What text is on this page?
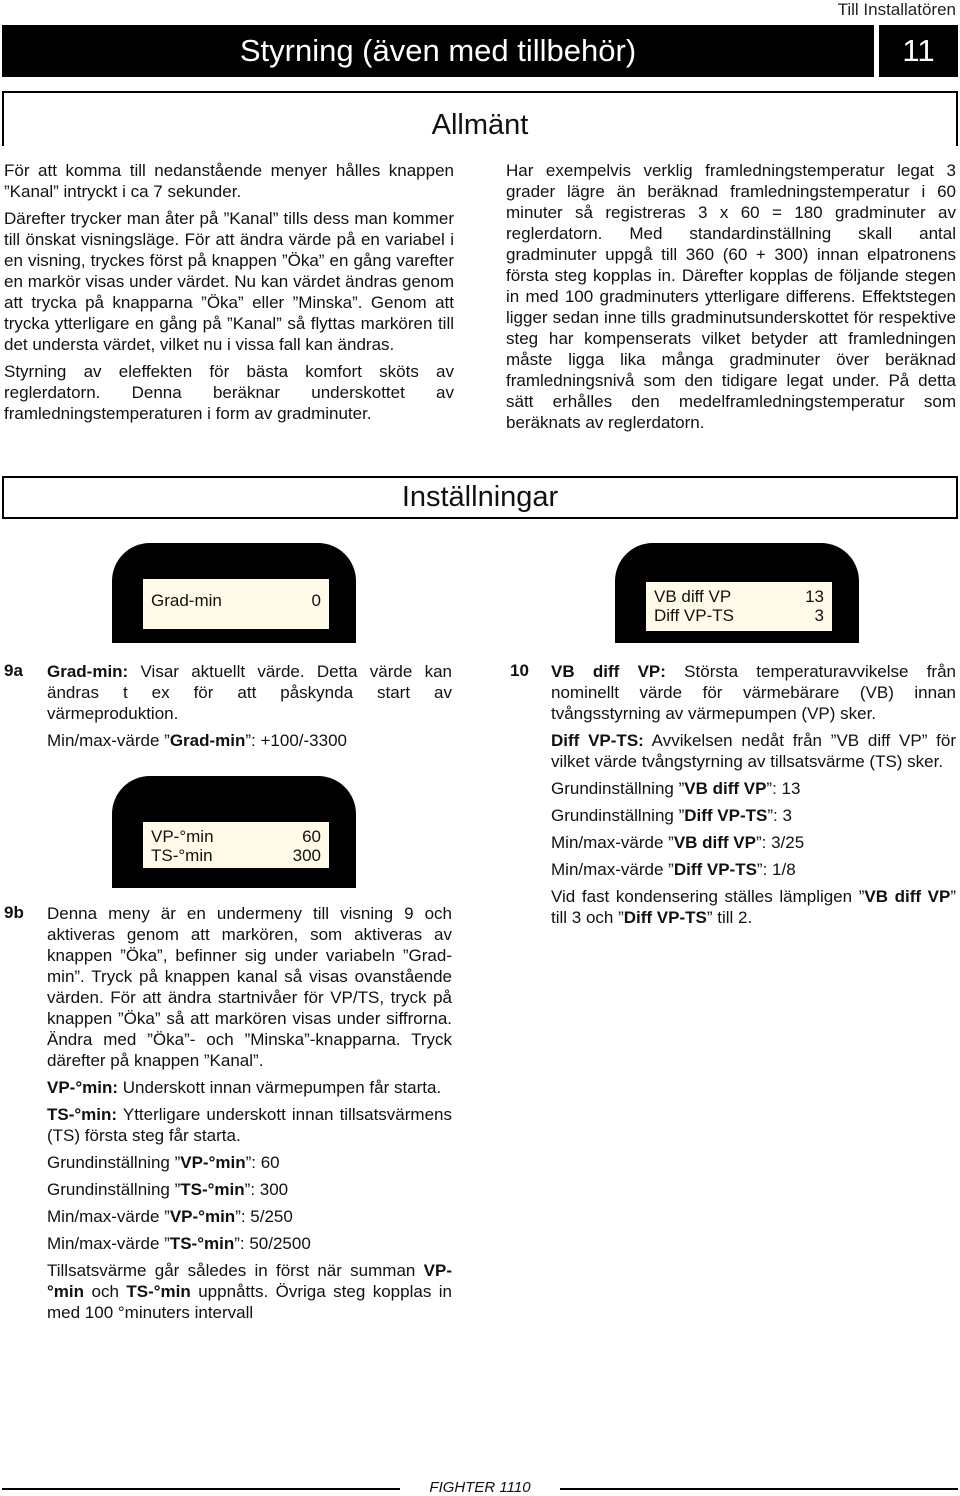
Till Installatören
Styrning (även med tillbehör)	11
Allmänt

För att komma till nedanstående menyer hålles knappen ”Kanal” intryckt i ca 7 sekunder.

Därefter trycker man åter på ”Kanal” tills dess man kommer till önskat visningsläge. För att ändra värde på en variabel i en visning, tryckes först på knappen ”Öka” en gång varefter en markör visas under värdet. Nu kan värdet ändras genom att trycka på knapparna ”Öka” eller ”Minska”. Genom att trycka ytterligare en gång på ”Kanal” så flyttas markören till det understa värdet, vilket nu i vissa fall kan ändras.

Styrning av eleffekten för bästa komfort sköts av reglerdatorn. Denna beräknar underskottet av framledningstemperaturen i form av gradminuter.

Har exempelvis verklig framledningstemperatur legat 3 grader lägre än beräknad framledningstemperatur i 60 minuter så registreras 3 x 60 = 180 gradminuter av reglerdatorn. Med standardinställning skall antal gradminuter uppgå till 360 (60 + 300) innan elpatronens första steg kopplas in. Därefter kopplas de följande stegen in med 100 gradminuters ytterligare differens. Effektstegen ligger sedan inne tills gradminutsunderskottet för respektive steg har kompenserats vilket betyder att framledningen måste ligga lika många gradminuter över beräknad framledningsnivå som den tidigare legat under. På detta sätt erhålles den medelframledningstemperatur som beräknats av reglerdatorn.

Inställningar
Grad-min	0	VB diff VP	13
Diff VP-TS	3
9a Grad-min: Visar aktuellt värde. Detta värde kan ändras t ex för att påskynda start av värmeproduktion.

Min/max-värde ”Grad-min”: +100/-3300

VP-°min	60
TS-°min	300
9b Denna meny är en undermeny till visning 9 och aktiveras genom att markören, som aktiveras av knappen ”Öka”, befinner sig under variabeln ”Grad-min”. Tryck på knappen kanal så visas ovanstående värden. För att ändra startnivåer för VP/TS, tryck på knappen ”Öka” så att markören visas under siffrorna. Ändra med ”Öka”- och ”Minska”-knapparna. Tryck därefter på knappen ”Kanal”.

VP-°min: Underskott innan värmepumpen får starta.

TS-°min: Ytterligare underskott innan tillsatsvärmens (TS) första steg får starta.

Grundinställning ”VP-°min”: 60

Grundinställning ”TS-°min”: 300

Min/max-värde ”VP-°min”: 5/250

Min/max-värde ”TS-°min”: 50/2500

Tillsatsvärme går således in först när summan VP-°min och TS-°min uppnåtts. Övriga steg kopplas in med 100 °minuters intervall

10 VB diff VP: Största temperaturavvikelse från nominellt värde för värmebärare (VB) innan tvångsstyrning av värmepumpen (VP) sker.

Diff VP-TS: Avvikelsen nedåt från ”VB diff VP” för vilket värde tvångstyrning av tillsatsvärme (TS) sker.

Grundinställning ”VB diff VP”: 13

Grundinställning ”Diff VP-TS”: 3

Min/max-värde ”VB diff VP”: 3/25

Min/max-värde ”Diff VP-TS”: 1/8

Vid fast kondensering ställes lämpligen ”VB diff VP” till 3 och ”Diff VP-TS” till 2.

FIGHTER 1110
